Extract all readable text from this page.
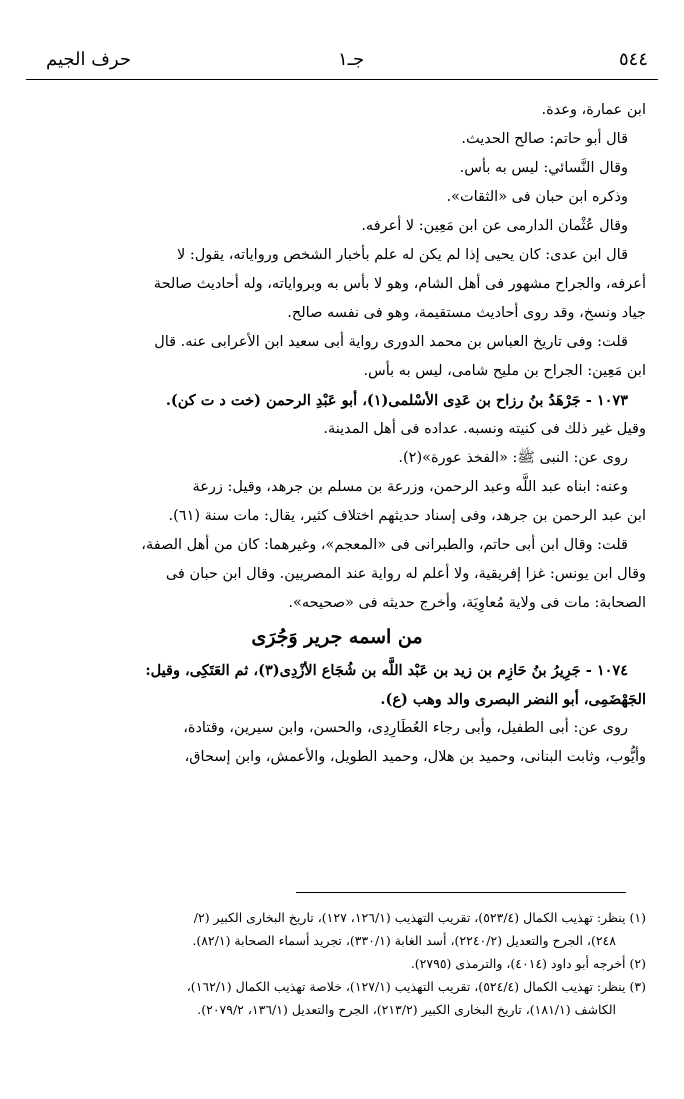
٥٤٤
جـ١
حرف الجيم
ابن عمارة، وعدة.
قال أبو حاتم: صالح الحديث.
وقال النَّسائي: ليس به بأس.
وذكره ابن حبان فى «الثقات».
وقال عُثْمان الدارمى عن ابن مَعِين: لا أعرفه.
قال ابن عدى: كان يحيى إذا لم يكن له علم بأخبار الشخص ورواياته، يقول: لا
أعرفه، والجراح مشهور فى أهل الشام، وهو لا بأس به وبرواياته، وله أحاديث صالحة
جياد ونسخ، وقد روى أحاديث مستقيمة، وهو فى نفسه صالح.
قلت: وفى تاريخ العباس بن محمد الدورى رواية أبى سعيد ابن الأعرابى عنه. قال
ابن مَعِين: الجراح بن مليح شامى، ليس به بأس.
١٠٧٣ - جَرْهَدُ بنُ رزاح بن عَدِى الأسْلمى(١)، أبو عَبْدِ الرحمن (خت د ت كن).
وقيل غير ذلك فى كنيته ونسبه. عداده فى أهل المدينة.
روى عن: النبى ﷺ: «الفخذ عورة»(٢).
وعنه: ابناه عبد اللَّه وعبد الرحمن، وزرعة بن مسلم بن جرهد، وقيل: زرعة
ابن عبد الرحمن بن جرهد، وفى إسناد حديثهم اختلاف كثير، يقال: مات سنة (٦١).
قلت: وقال ابن أبى حاتم، والطبرانى فى «المعجم»، وغيرهما: كان من أهل الصفة،
وقال ابن يونس: غزا إفريقية، ولا أعلم له رواية عند المصريين. وقال ابن حبان فى
الصحابة: مات فى ولاية مُعاوِيَة، وأخرج حديثه فى «صحيحه».
من اسمه جرير وَجُرَى
١٠٧٤ - جَرِيرُ بنُ حَازِم بن زيد بن عَبْد اللَّه بن شُجَاع الأزْدِى(٣)، ثم العَتَكِى، وقيل:
الجَهْضَمِى، أبو النضر البصرى والد وهب (ع).
روى عن: أبى الطفيل، وأبى رجاء العُطَارِدِى، والحسن، وابن سيرين، وقتادة،
وأيُّوب، وثابت البنانى، وحميد بن هلال، وحميد الطويل، والأعمش، وابن إسحاق،
(١) ينظر: تهذيب الكمال (٥٢٣/٤)، تقريب التهذيب (١٢٦/١، ١٢٧)، تاريخ البخارى الكبير (٢/
٢٤٨)، الجرح والتعديل (٢٢٤٠/٢)، أسد الغابة (٣٣٠/١)، تجريد أسماء الصحابة (٨٢/١).
(٢) أخرجه أبو داود (٤٠١٤)، والترمذى (٢٧٩٥).
(٣) ينظر: تهذيب الكمال (٥٢٤/٤)، تقريب التهذيب (١٢٧/١)، خلاصة تهذيب الكمال (١٦٢/١)،
الكاشف (١٨١/١)، تاريخ البخارى الكبير (٢١٣/٢)، الجرح والتعديل (١٣٦/١، ٢٠٧٩/٢).
